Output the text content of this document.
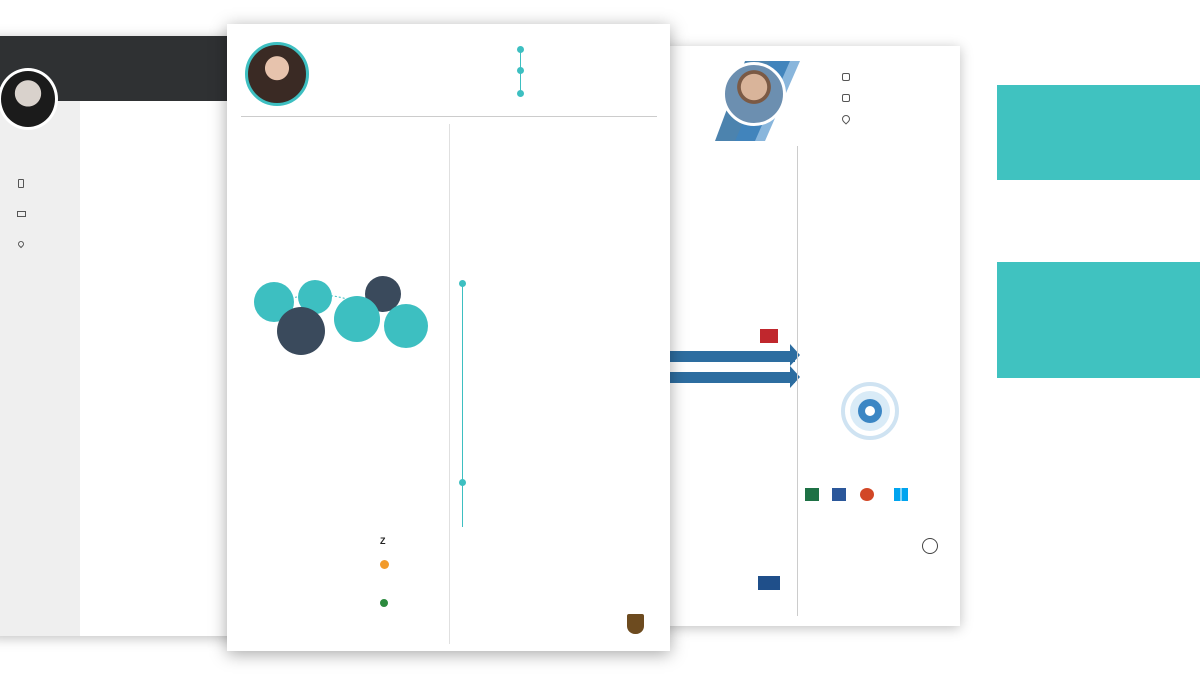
Z
